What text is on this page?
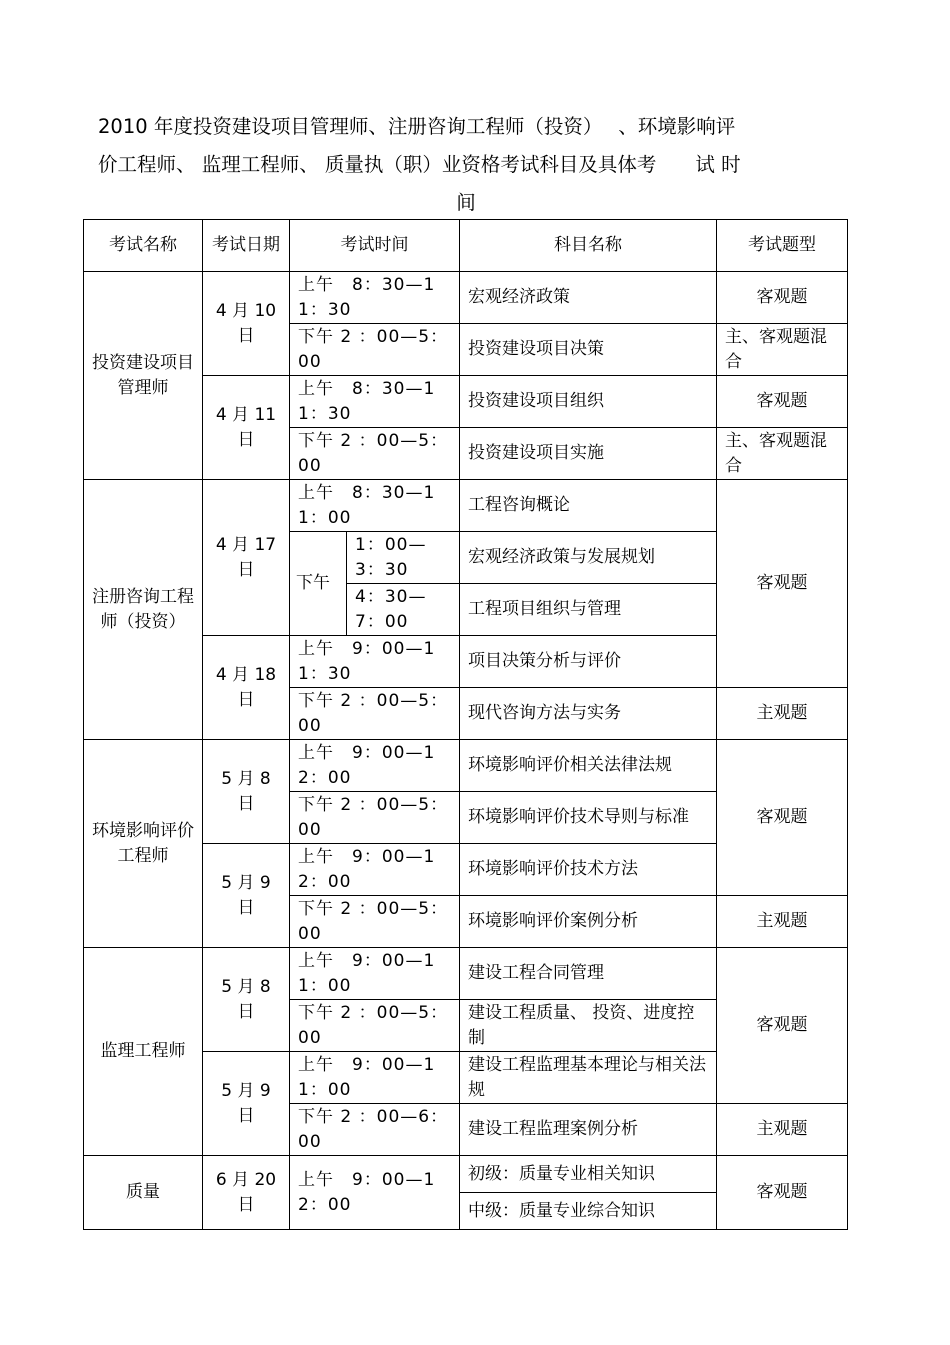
2010 年度投资建设项目管理师、注册咨询工程师（投资）　 、环境影响评
价工程师、 监理工程师、 质量执（职）业资格考试科目及具体考　　试 时
间
考试名称	考试日期	考试时间		科目名称	考试题型
投资建设项目管理师	4 月 10 日	上午　8：30—11：30		宏观经济政策	客观题
		下午 2 ：00—5：00		投资建设项目决策	主、客观题混合
	4 月 11 日	上午　8：30—11：30		投资建设项目组织	客观题
		下午 2 ：00—5：00		投资建设项目实施	主、客观题混合
注册咨询工程师（投资）	4 月 17 日	上午　8：30—11：00		工程咨询概论	客观题
		下午	1：00—3：30	宏观经济政策与发展规划	
			4：30—7：00	工程项目组织与管理	
	4 月 18 日	上午　9：00—11：30		项目决策分析与评价	
		下午 2 ：00—5：00		现代咨询方法与实务	主观题
环境影响评价工程师	5 月 8 日	上午　9：00—12：00		环境影响评价相关法律法规	客观题
		下午 2 ：00—5：00		环境影响评价技术导则与标准	
	5 月 9 日	上午　9：00—12：00		环境影响评价技术方法	
		下午 2 ：00—5：00		环境影响评价案例分析	主观题
监理工程师	5 月 8 日	上午　9：00—11：00		建设工程合同管理	客观题
		下午 2 ：00—5：00		建设工程质量、 投资、进度控制	
	5 月 9 日	上午　9：00—11：00		建设工程监理基本理论与相关法规	
		下午 2 ：00—6：00		建设工程监理案例分析	主观题
质量	6 月 20 日	上午　9：00—12：00		初级：质量专业相关知识	客观题
				中级：质量专业综合知识	
